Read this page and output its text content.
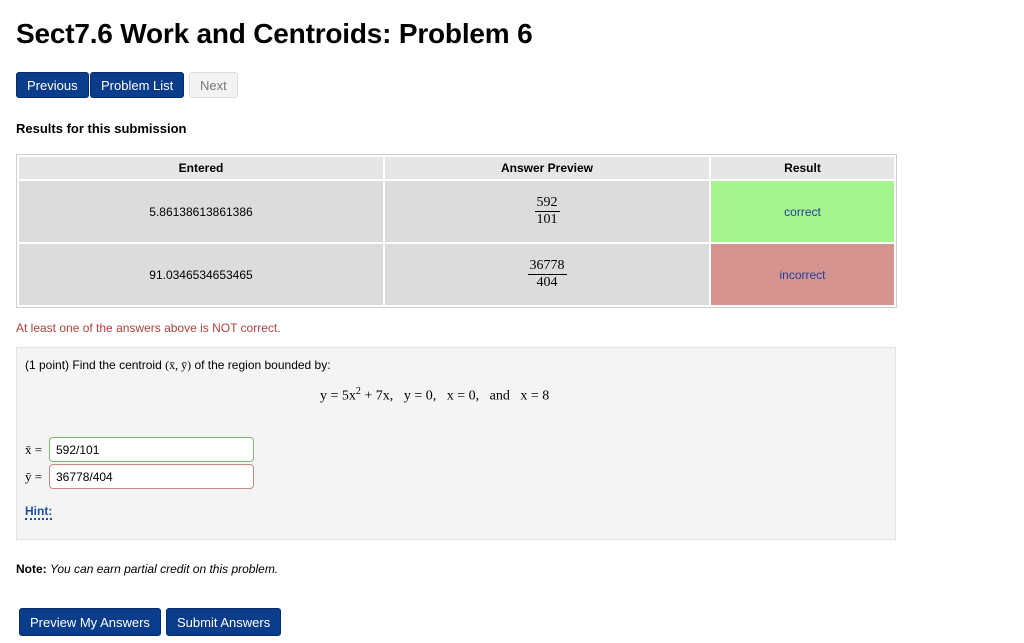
Sect7.6 Work and Centroids: Problem 6
Previous	Problem List	Next
Results for this submission
Entered	Answer Preview	Result
5.86138613861386	$\frac{592}{101}$	correct
91.0346534653465	$\frac{36778}{404}$	incorrect
At least one of the answers above is NOT correct.
(1 point) Find the centroid (x̄, ȳ) of the region bounded by:
$y = 5x^2 + 7x$, y = 0, x = 0, and x = 8
x̄ =
592/101
ȳ =
36778/404
Hint:
Note: You can earn partial credit on this problem.
Preview My Answers	Submit Answers
